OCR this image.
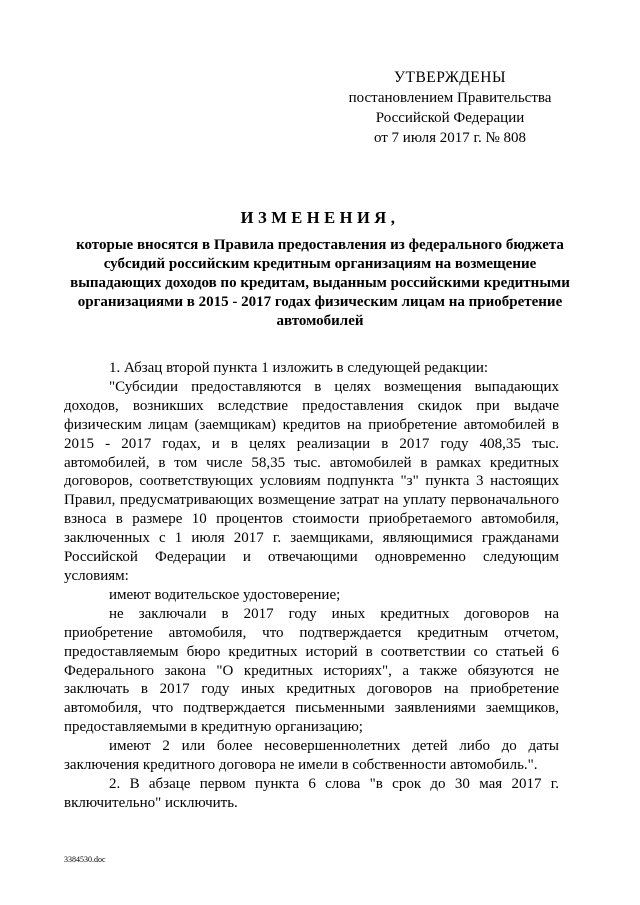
УТВЕРЖДЕНЫ
постановлением Правительства
Российской Федерации
от 7 июля 2017 г. № 808
ИЗМЕНЕНИЯ,
которые вносятся в Правила предоставления из федерального бюджета субсидий российским кредитным организациям на возмещение выпадающих доходов по кредитам, выданным российскими кредитными организациями в 2015 - 2017 годах физическим лицам на приобретение автомобилей

1. Абзац второй пункта 1 изложить в следующей редакции:

"Субсидии предоставляются в целях возмещения выпадающих доходов, возникших вследствие предоставления скидок при выдаче физическим лицам (заемщикам) кредитов на приобретение автомобилей в 2015 - 2017 годах, и в целях реализации в 2017 году 408,35 тыс. автомобилей, в том числе 58,35 тыс. автомобилей в рамках кредитных договоров, соответствующих условиям подпункта "з" пункта 3 настоящих Правил, предусматривающих возмещение затрат на уплату первоначального взноса в размере 10 процентов стоимости приобретаемого автомобиля, заключенных с 1 июля 2017 г. заемщиками, являющимися гражданами Российской Федерации и отвечающими одновременно следующим условиям:

имеют водительское удостоверение;

не заключали в 2017 году иных кредитных договоров на приобретение автомобиля, что подтверждается кредитным отчетом, предоставляемым бюро кредитных историй в соответствии со статьей 6 Федерального закона "О кредитных историях", а также обязуются не заключать в 2017 году иных кредитных договоров на приобретение автомобиля, что подтверждается письменными заявлениями заемщиков, предоставляемыми в кредитную организацию;

имеют 2 или более несовершеннолетних детей либо до даты заключения кредитного договора не имели в собственности автомобиль.".

2. В абзаце первом пункта 6 слова "в срок до 30 мая 2017 г. включительно" исключить.

3384530.doc
